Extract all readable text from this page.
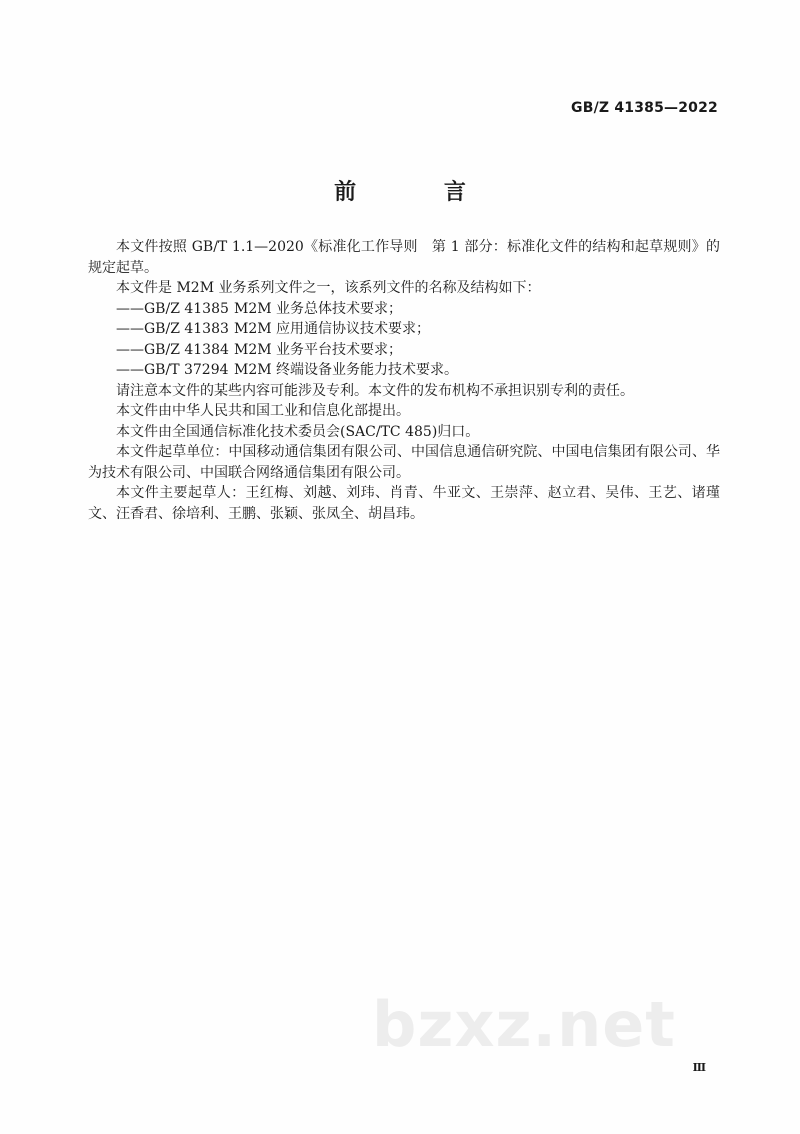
GB/Z 41385—2022
前 言

本文件按照 GB/T 1.1—2020《标准化工作导则　第 1 部分：标准化文件的结构和起草规则》的规定起草。

本文件是 M2M 业务系列文件之一，该系列文件的名称及结构如下：

——GB/Z 41385 M2M 业务总体技术要求；
——GB/Z 41383 M2M 应用通信协议技术要求；
——GB/Z 41384 M2M 业务平台技术要求；
——GB/T 37294 M2M 终端设备业务能力技术要求。

请注意本文件的某些内容可能涉及专利。本文件的发布机构不承担识别专利的责任。

本文件由中华人民共和国工业和信息化部提出。

本文件由全国通信标准化技术委员会(SAC/TC 485)归口。

本文件起草单位：中国移动通信集团有限公司、中国信息通信研究院、中国电信集团有限公司、华为技术有限公司、中国联合网络通信集团有限公司。

本文件主要起草人：王红梅、刘越、刘玮、肖青、牛亚文、王崇萍、赵立君、吴伟、王艺、诸瑾文、汪香君、徐培利、王鹏、张颖、张凤全、胡昌玮。

bzxz.net
Ⅲ
